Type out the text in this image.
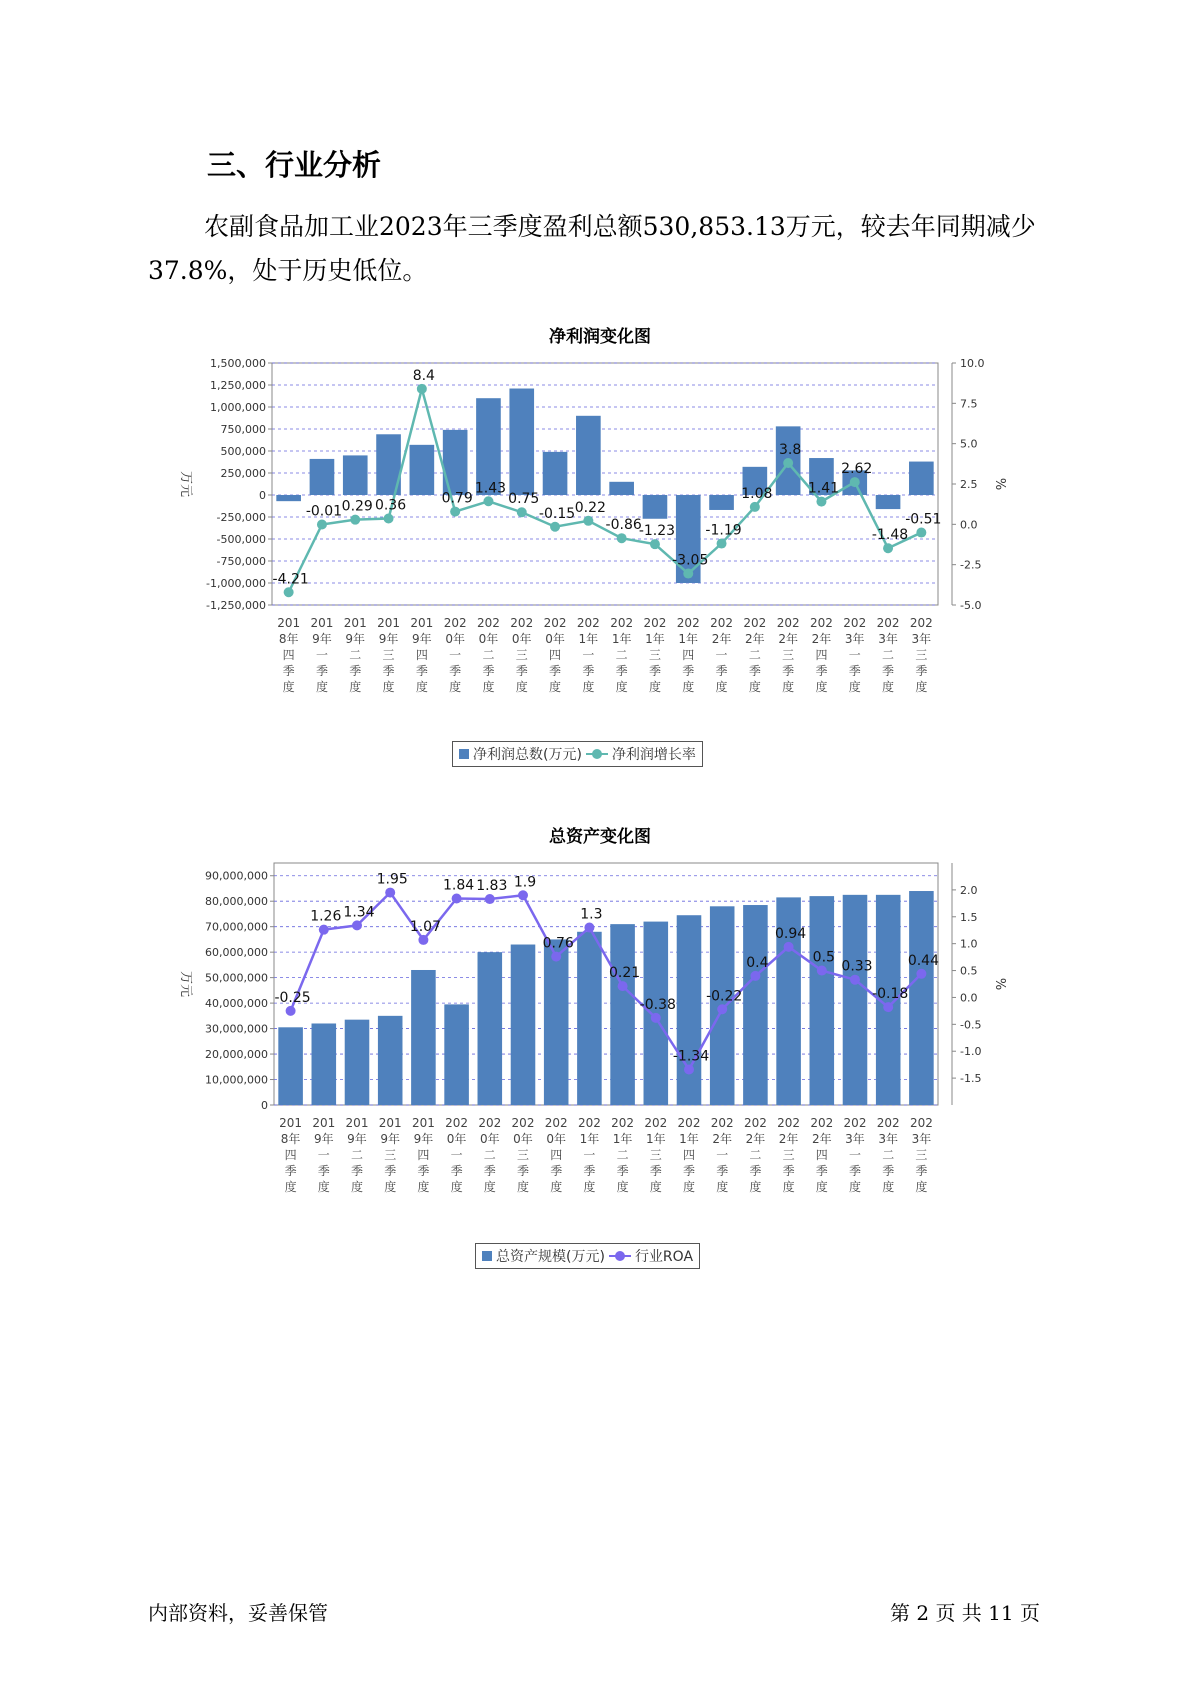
三、行业分析

农副食品加工业2023年三季度盈利总额530,853.13万元，较去年同期减少37.8%，处于历史低位。

净利润变化图
1,500,000
1,250,000
1,000,000
750,000
500,000
250,000
0
-250,000
-500,000
-750,000
-1,000,000
-1,250,000
10.0
7.5
5.0
2.5
0.0
-2.5
-5.0
万元	%
-4.21
-0.01 0.29 0.36
8.4
0.79
1.43
0.75
-0.15 0.22
-0.86
-1.23
-3.05
-1.19
1.08
3.8
1.41
2.62
-1.48
-0.51
201 8年四季度
201 9年一季度
201 9年二季度
201 9年三季度
201 9年四季度
202 0年一季度
202 0年二季度
202 0年三季度
202 0年四季度
202 1年一季度
202 1年二季度
202 1年三季度
202 1年四季度
202 2年一季度
202 2年二季度
202 2年三季度
202 2年四季度
202 3年一季度
202 3年二季度
202 3年三季度
净利润总数(万元) 净利润增长率
总资产变化图
90,000,000
80,000,000
70,000,000
60,000,000
50,000,000
40,000,000
30,000,000
20,000,000
10,000,000
0
2.0
1.5
1.0
0.5
0.0
-0.5
-1.0
-1.5
万元	%
-0.25
1.26 1.34
1.95
1.07
1.84 1.83 1.9
0.76
1.3
0.21
-0.38
-1.34
-0.22
0.4
0.94
0.5
0.33
-0.18
0.44
201 8年四季度
201 9年一季度
201 9年二季度
201 9年三季度
201 9年四季度
202 0年一季度
202 0年二季度
202 0年三季度
202 0年四季度
202 1年一季度
202 1年二季度
202 1年三季度
202 1年四季度
202 2年一季度
202 2年二季度
202 2年三季度
202 2年四季度
202 3年一季度
202 3年二季度
202 3年三季度
总资产规模(万元) 行业ROA
内部资料，妥善保管	第 2 页 共 11 页
